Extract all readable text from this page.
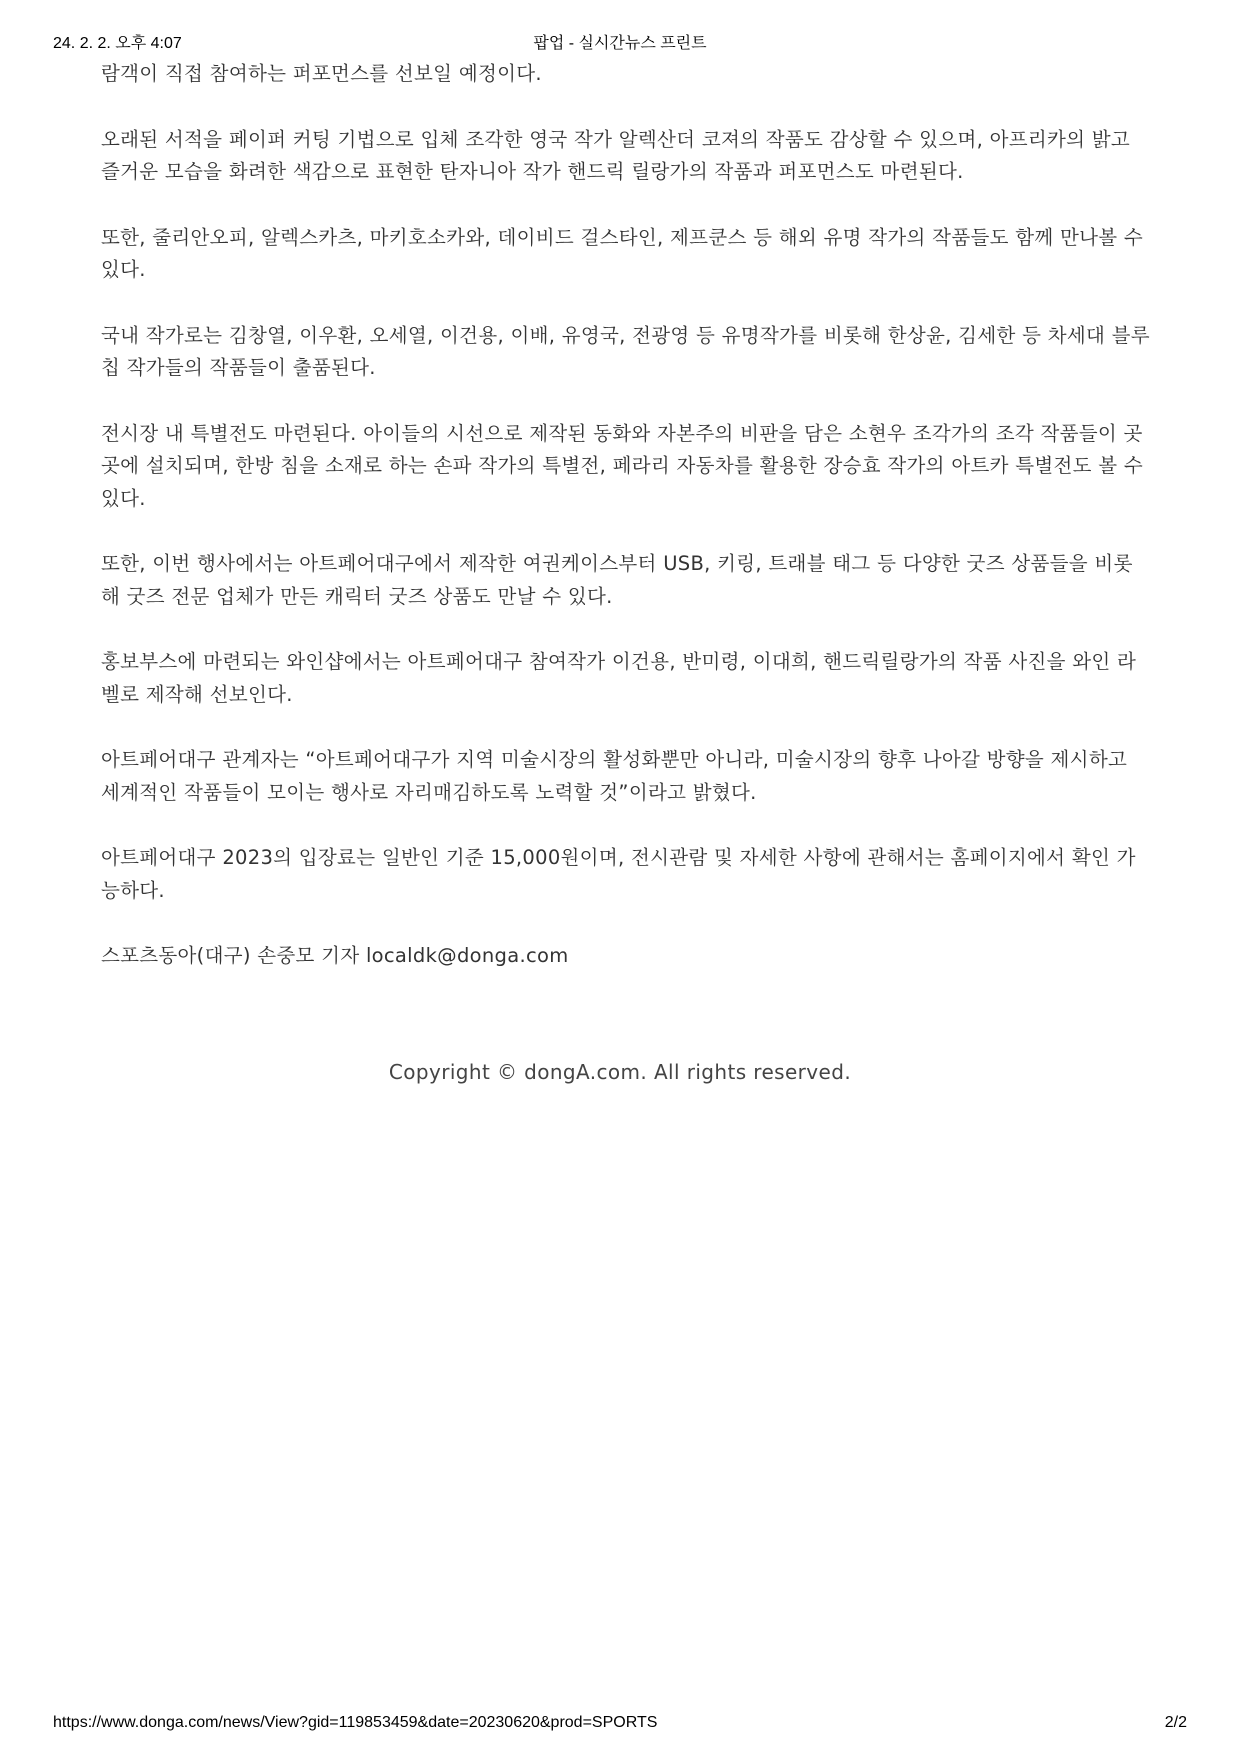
24. 2. 2. 오후 4:07	팝업 - 실시간뉴스 프린트

람객이 직접 참여하는 퍼포먼스를 선보일 예정이다.

오래된 서적을 페이퍼 커팅 기법으로 입체 조각한 영국 작가 알렉산더 코져의 작품도 감상할 수 있으며, 아프리카의 밝고 즐거운 모습을 화려한 색감으로 표현한 탄자니아 작가 핸드릭 릴랑가의 작품과 퍼포먼스도 마련된다.

또한, 줄리안오피, 알렉스카츠, 마키호소카와, 데이비드 걸스타인, 제프쿤스 등 해외 유명 작가의 작품들도 함께 만나볼 수 있다.

국내 작가로는 김창열, 이우환, 오세열, 이건용, 이배, 유영국, 전광영 등 유명작가를 비롯해 한상윤, 김세한 등 차세대 블루칩 작가들의 작품들이 출품된다.

전시장 내 특별전도 마련된다. 아이들의 시선으로 제작된 동화와 자본주의 비판을 담은 소현우 조각가의 조각 작품들이 곳곳에 설치되며, 한방 침을 소재로 하는 손파 작가의 특별전, 페라리 자동차를 활용한 장승효 작가의 아트카 특별전도 볼 수 있다.

또한, 이번 행사에서는 아트페어대구에서 제작한 여권케이스부터 USB, 키링, 트래블 태그 등 다양한 굿즈 상품들을 비롯해 굿즈 전문 업체가 만든 캐릭터 굿즈 상품도 만날 수 있다.

홍보부스에 마련되는 와인샵에서는 아트페어대구 참여작가 이건용, 반미령, 이대희, 핸드릭릴랑가의 작품 사진을 와인 라벨로 제작해 선보인다.

아트페어대구 관계자는 “아트페어대구가 지역 미술시장의 활성화뿐만 아니라, 미술시장의 향후 나아갈 방향을 제시하고 세계적인 작품들이 모이는 행사로 자리매김하도록 노력할 것”이라고 밝혔다.

아트페어대구 2023의 입장료는 일반인 기준 15,000원이며, 전시관람 및 자세한 사항에 관해서는 홈페이지에서 확인 가능하다.

스포츠동아(대구) 손중모 기자 localdk@donga.com

Copyright © dongA.com. All rights reserved.
https://www.donga.com/news/View?gid=119853459&date=20230620&prod=SPORTS	2/2
